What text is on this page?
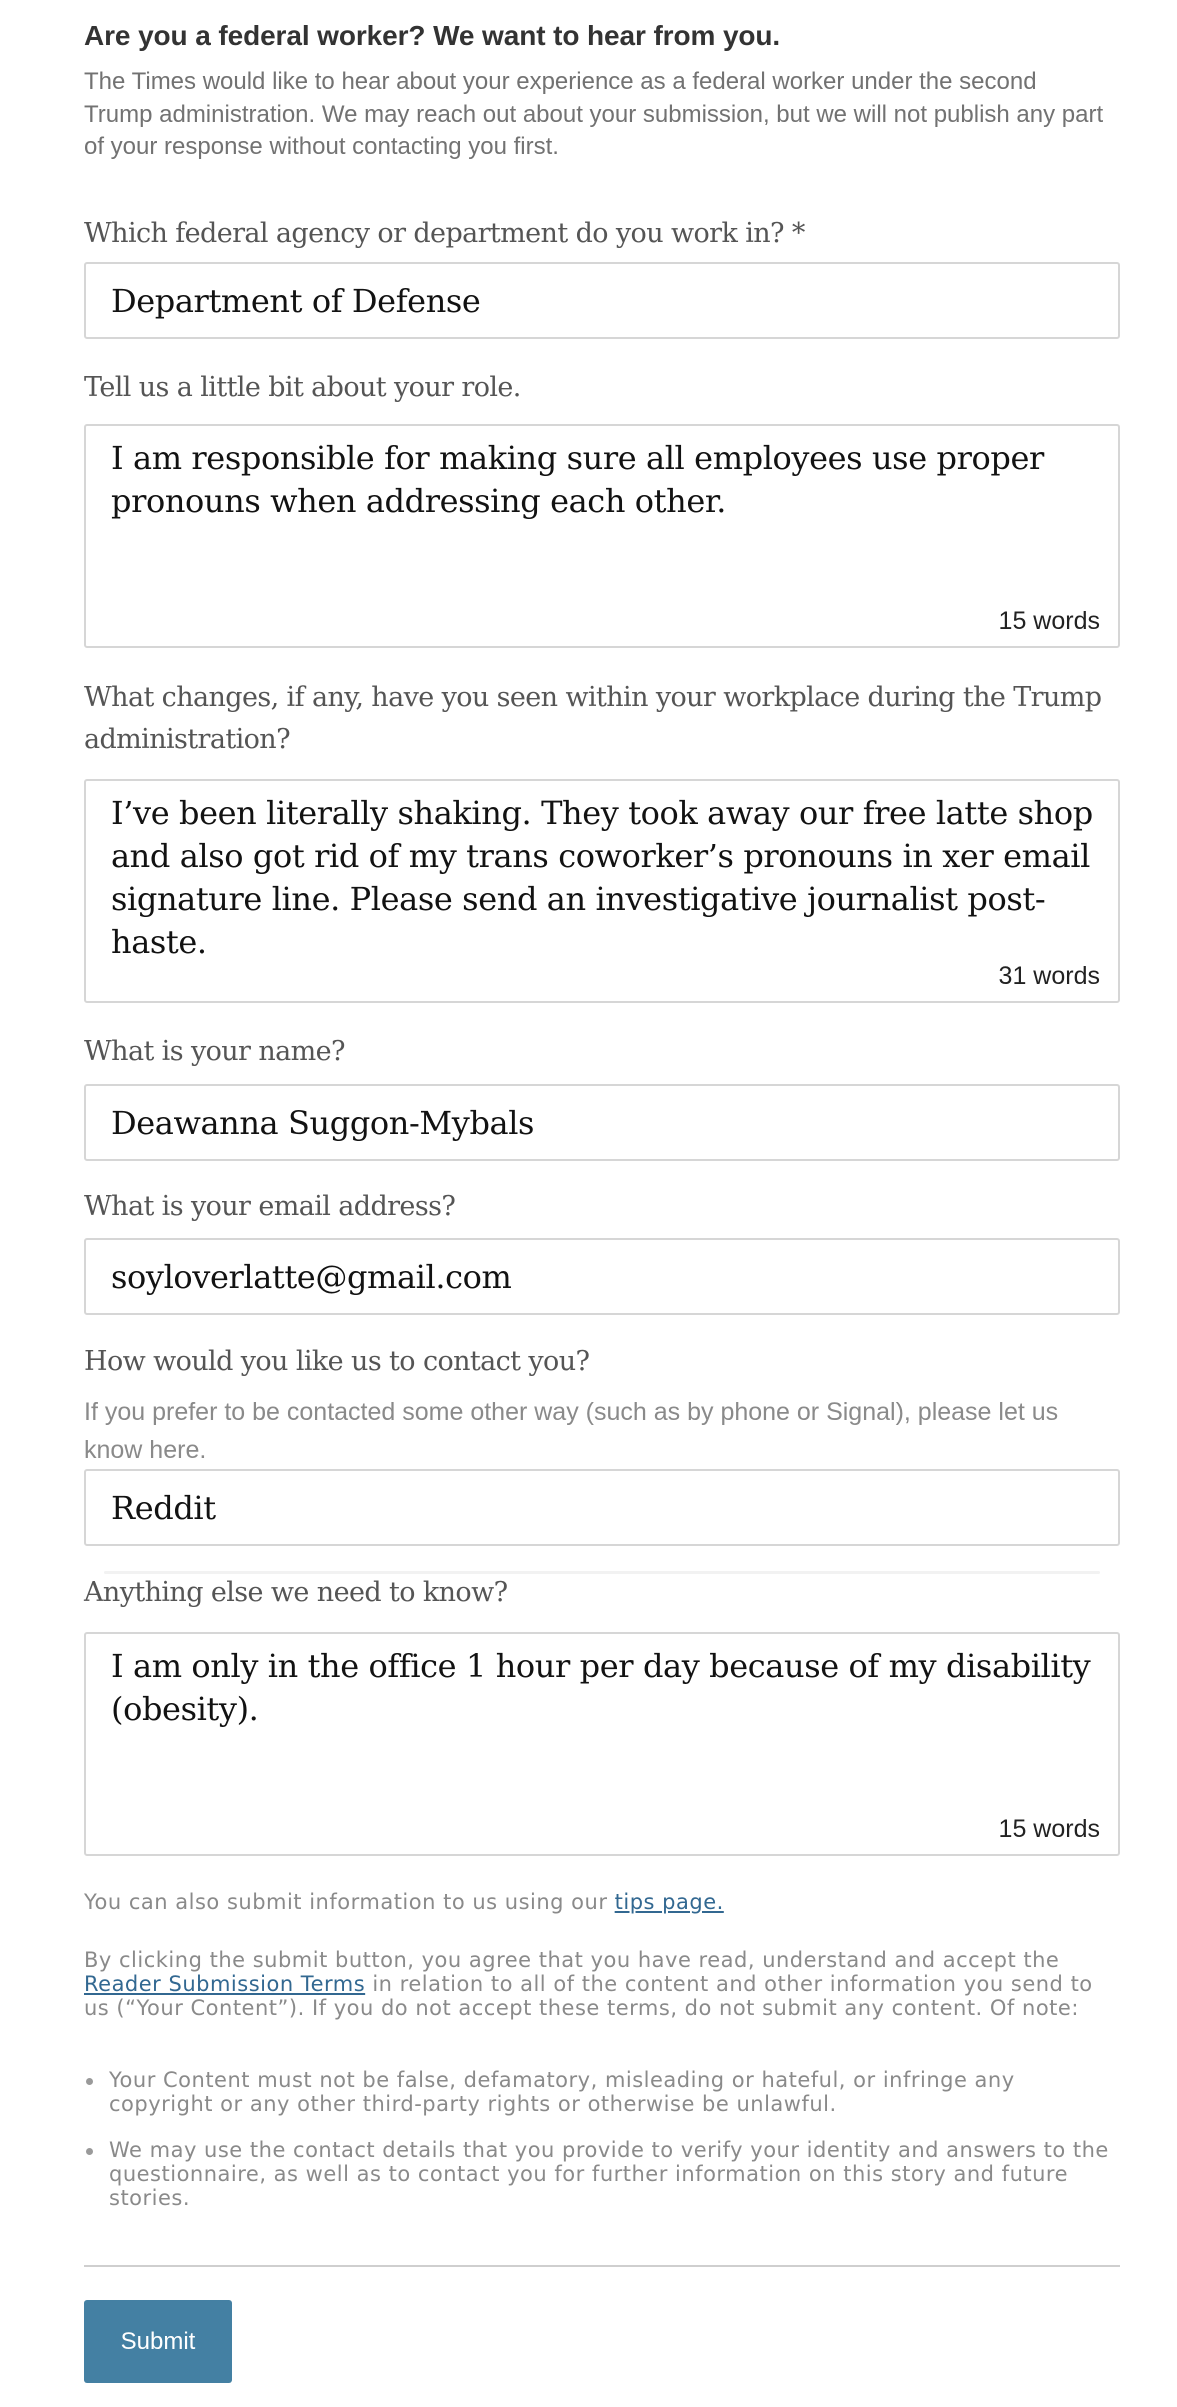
Are you a federal worker? We want to hear from you.
The Times would like to hear about your experience as a federal worker under the second Trump administration. We may reach out about your submission, but we will not publish any part of your response without contacting you first.
Which federal agency or department do you work in? *
Department of Defense
Tell us a little bit about your role.
I am responsible for making sure all employees use proper pronouns when addressing each other.
15 words
What changes, if any, have you seen within your workplace during the Trump administration?
I’ve been literally shaking. They took away our free latte shop and also got rid of my trans coworker’s pronouns in xer email signature line. Please send an investigative journalist post-haste.
31 words
What is your name?
Deawanna Suggon-Mybals
What is your email address?
soyloverlatte@gmail.com
How would you like us to contact you?
If you prefer to be contacted some other way (such as by phone or Signal), please let us know here.
Reddit
Anything else we need to know?
I am only in the office 1 hour per day because of my disability (obesity).
15 words
You can also submit information to us using our tips page.
By clicking the submit button, you agree that you have read, understand and accept the Reader Submission Terms in relation to all of the content and other information you send to us (“Your Content”). If you do not accept these terms, do not submit any content. Of note:
Your Content must not be false, defamatory, misleading or hateful, or infringe any copyright or any other third-party rights or otherwise be unlawful.
We may use the contact details that you provide to verify your identity and answers to the questionnaire, as well as to contact you for further information on this story and future stories.
Submit
